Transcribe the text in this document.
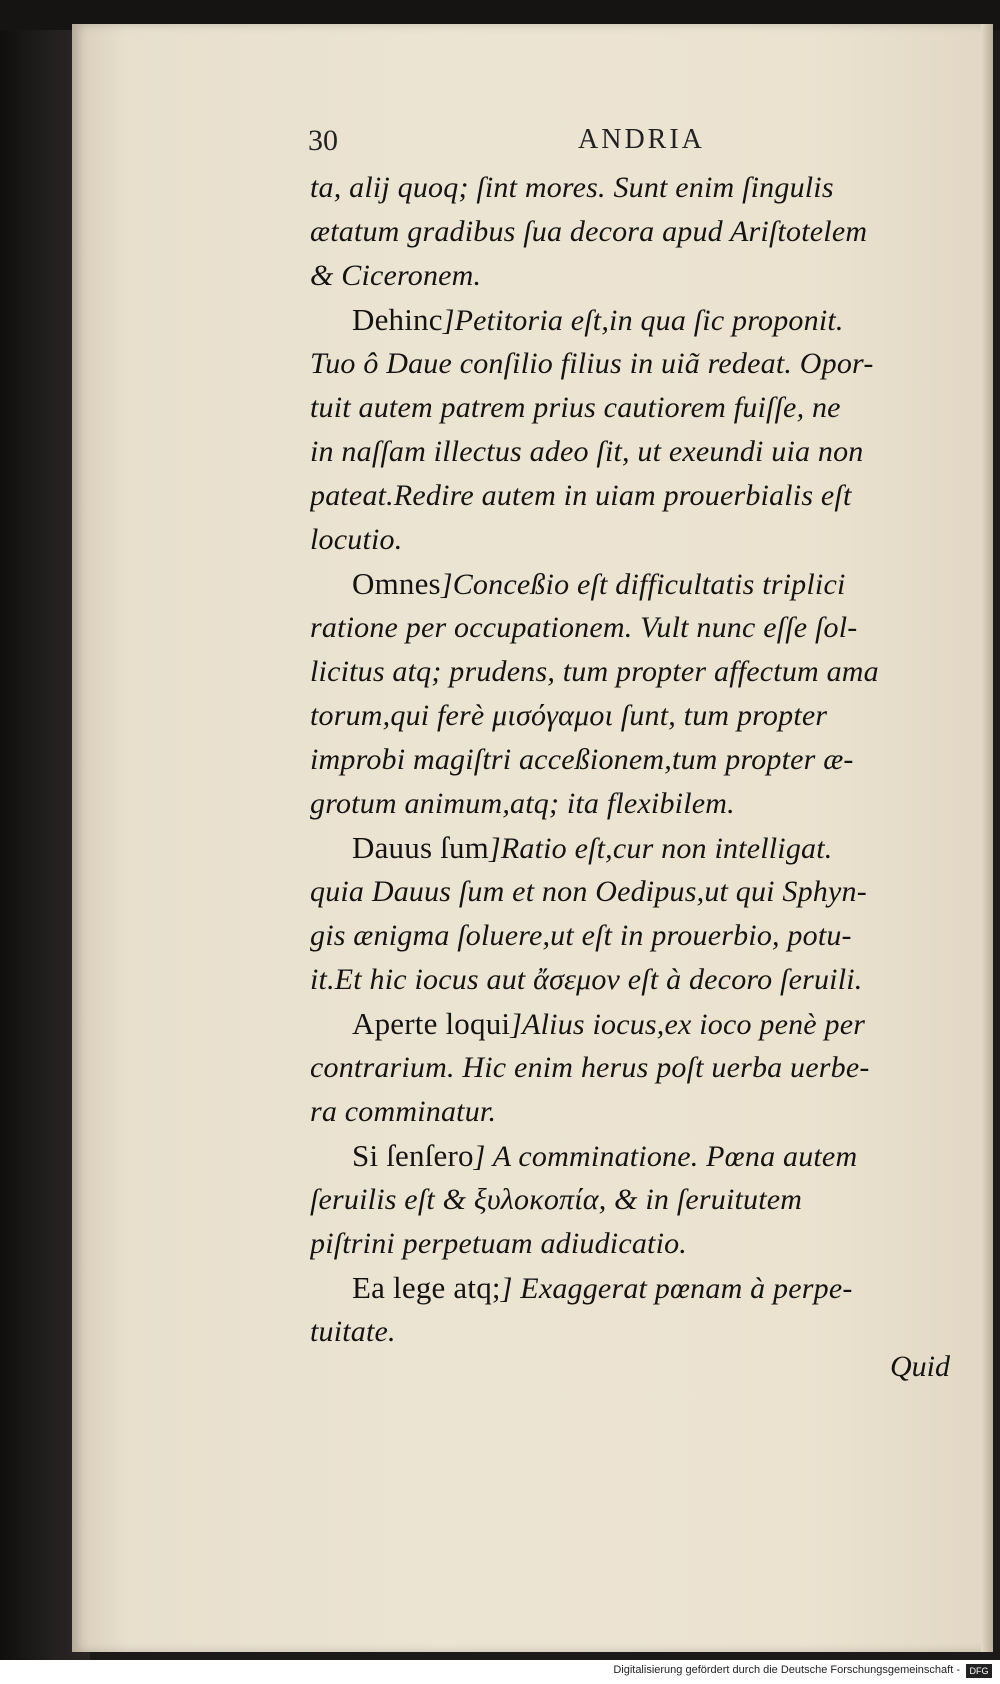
30	ANDRIA
ta, alij quoq; ſint mores. Sunt enim ſingulis
ætatum gradibus ſua decora apud Ariſtotelem
& Ciceronem.
Dehinc]Petitoria eſt,in qua ſic proponit.
Tuo ô Daue conſilio filius in uiã redeat. Opor-
tuit autem patrem prius cautiorem fuiſſe, ne
in naſſam illectus adeo ſit, ut exeundi uia non
pateat.Redire autem in uiam prouerbialis eſt
locutio.
Omnes]Conceßio eſt difficultatis triplici
ratione per occupationem. Vult nunc eſſe ſol-
licitus atq; prudens, tum propter affectum ama
torum,qui ferè μισόγαμοι ſunt, tum propter
improbi magiſtri acceßionem,tum propter æ-
grotum animum,atq; ita flexibilem.
Dauus ſum]Ratio eſt,cur non intelligat.
quia Dauus ſum et non Oedipus,ut qui Sphyn-
gis ænigma ſoluere,ut eſt in prouerbio, potu-
it.Et hic iocus aut ἄσεμον eſt à decoro ſeruili.
Aperte loqui]Alius iocus,ex ioco penè per
contrarium. Hic enim herus poſt uerba uerbe-
ra comminatur.
Si ſenſero] A comminatione. Pœna autem
ſeruilis eſt & ξυλοκοπία, & in ſeruitutem
piſtrini perpetuam adiudicatio.
Ea lege atq;] Exaggerat pœnam à perpe-
tuitate.
Quid
Digitalisierung gefördert durch die Deutsche Forschungsgemeinschaft -	DFG
